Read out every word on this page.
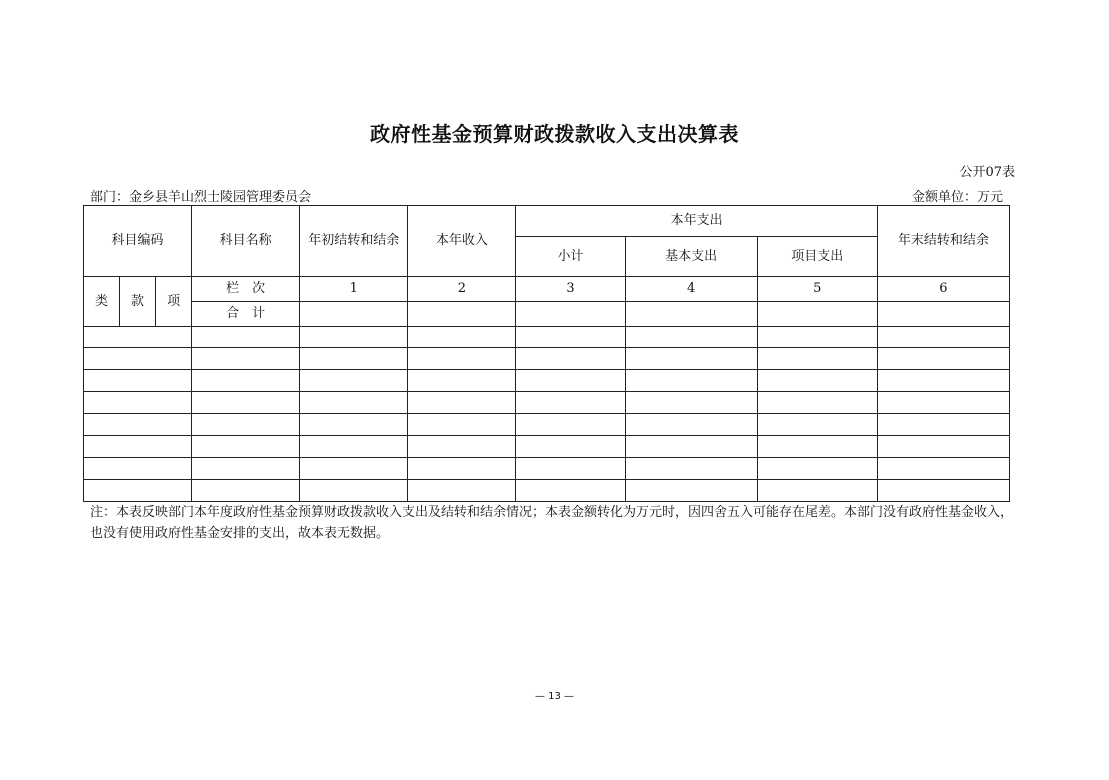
政府性基金预算财政拨款收入支出决算表
公开07表
部门：金乡县羊山烈士陵园管理委员会	金额单位：万元
科目编码			科目名称	年初结转和结余	本年收入	本年支出			年末结转和结余
						小计	基本支出	项目支出	
类	款	项	栏　次	1	2	3	4	5	6
			合　计						

注：本表反映部门本年度政府性基金预算财政拨款收入支出及结转和结余情况；本表金额转化为万元时，因四舍五入可能存在尾差。本部门没有政府性基金收入，也没有使用政府性基金安排的支出，故本表无数据。
— 13 —
